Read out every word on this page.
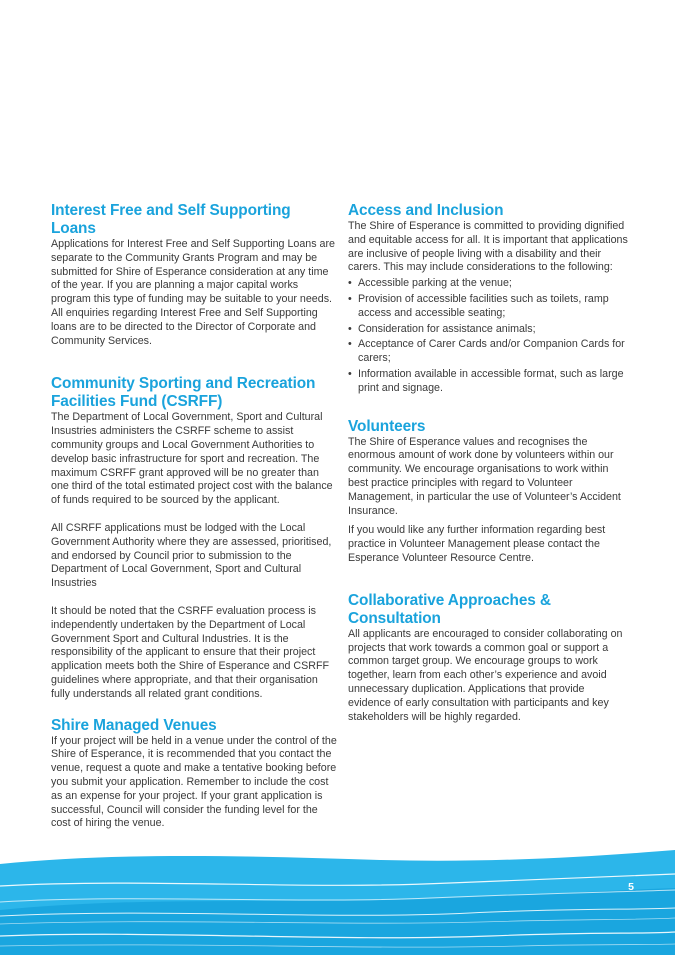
Interest Free and Self Supporting Loans

Applications for Interest Free and Self Supporting Loans are separate to the Community Grants Program and may be submitted for Shire of Esperance consideration at any time of the year. If you are planning a major capital works program this type of funding may be suitable to your needs. All enquiries regarding Interest Free and Self Supporting loans are to be directed to the Director of Corporate and Community Services.

Community Sporting and Recreation Facilities Fund (CSRFF)

The Department of Local Government, Sport and Cultural Insustries administers the CSRFF scheme to assist community groups and Local Government Authorities to develop basic infrastructure for sport and recreation. The maximum CSRFF grant approved will be no greater than one third of the total estimated project cost with the balance of funds required to be sourced by the applicant.

All CSRFF applications must be lodged with the Local Government Authority where they are assessed, prioritised, and endorsed by Council prior to submission to the Department of Local Government, Sport and Cultural Insustries

It should be noted that the CSRFF evaluation process is independently undertaken by the Department of Local Government Sport and Cultural Industries. It is the responsibility of the applicant to ensure that their project application meets both the Shire of Esperance and CSRFF guidelines where appropriate, and that their organisation fully understands all related grant conditions.

Shire Managed Venues

If your project will be held in a venue under the control of the Shire of Esperance, it is recommended that you contact the venue, request a quote and make a tentative booking before you submit your application. Remember to include the cost as an expense for your project. If your grant application is successful, Council will consider the funding level for the cost of hiring the venue.

Access and Inclusion

The Shire of Esperance is committed to providing dignified and equitable access for all. It is important that applications are inclusive of people living with a disability and their carers. This may include considerations to the following:

• Accessible parking at the venue;
• Provision of accessible facilities such as toilets, ramp access and accessible seating;
• Consideration for assistance animals;
• Acceptance of Carer Cards and/or Companion Cards for carers;
• Information available in accessible format, such as large print and signage.
Volunteers

The Shire of Esperance values and recognises the enormous amount of work done by volunteers within our community. We encourage organisations to work within best practice principles with regard to Volunteer Management, in particular the use of Volunteer’s Accident Insurance.

If you would like any further information regarding best practice in Volunteer Management please contact the Esperance Volunteer Resource Centre.

Collaborative Approaches & Consultation

All applicants are encouraged to consider collaborating on projects that work towards a common goal or support a common target group. We encourage groups to work together, learn from each other’s experience and avoid unnecessary duplication. Applications that provide evidence of early consultation with participants and key stakeholders will be highly regarded.

5
